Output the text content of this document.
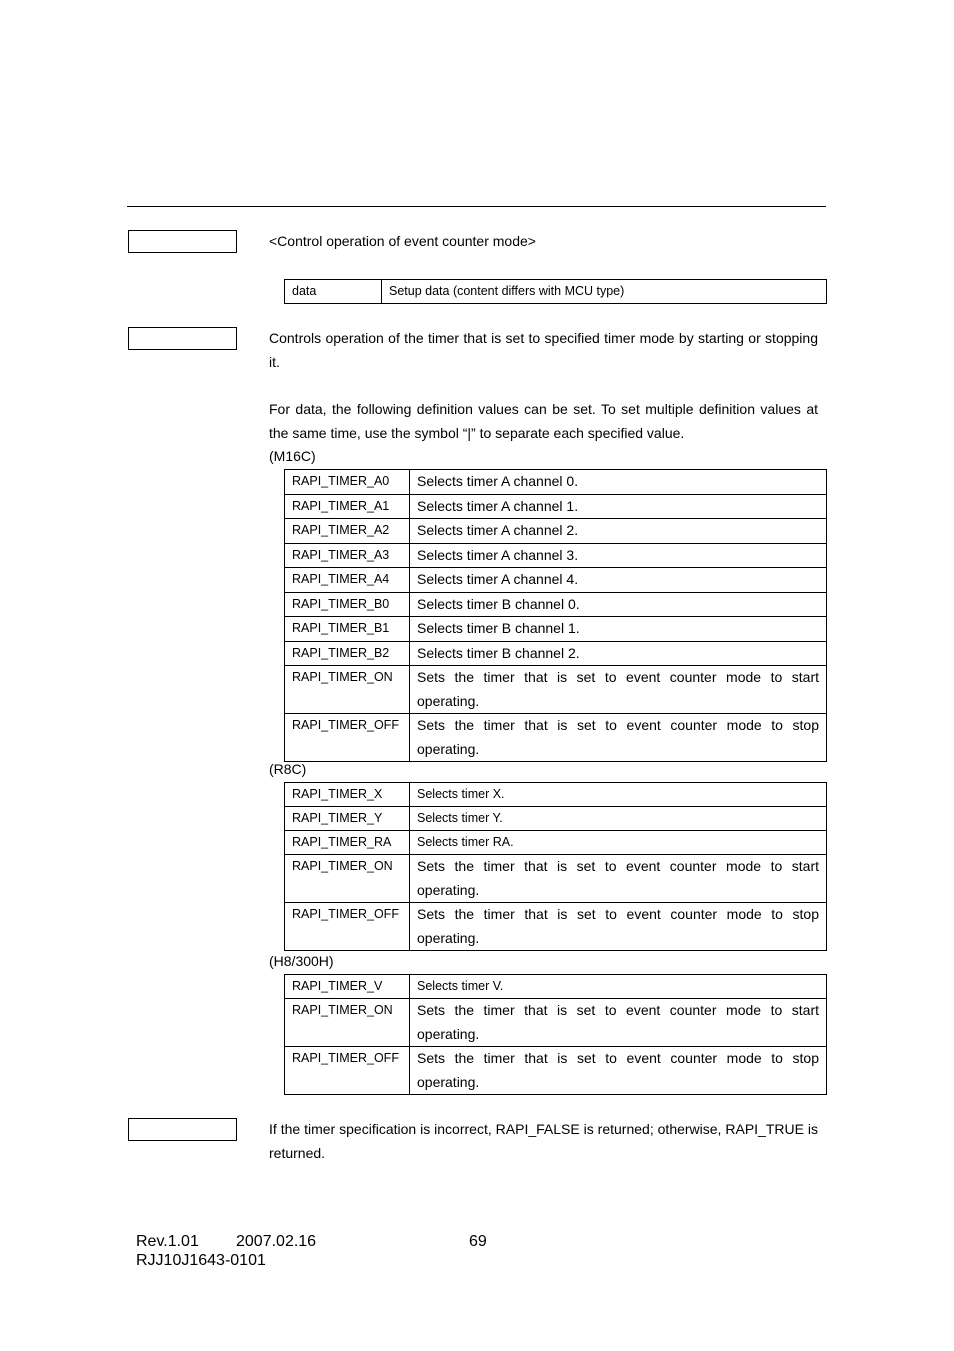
<Control operation of event counter mode>
data	Setup data (content differs with MCU type)
Controls operation of the timer that is set to specified timer mode by starting or stopping it.
For data, the following definition values can be set. To set multiple definition values at the same time, use the symbol “|” to separate each specified value.
(M16C)
RAPI_TIMER_A0	Selects timer A channel 0.
RAPI_TIMER_A1	Selects timer A channel 1.
RAPI_TIMER_A2	Selects timer A channel 2.
RAPI_TIMER_A3	Selects timer A channel 3.
RAPI_TIMER_A4	Selects timer A channel 4.
RAPI_TIMER_B0	Selects timer B channel 0.
RAPI_TIMER_B1	Selects timer B channel 1.
RAPI_TIMER_B2	Selects timer B channel 2.
RAPI_TIMER_ON	Sets the timer that is set to event counter mode to start operating.
RAPI_TIMER_OFF	Sets the timer that is set to event counter mode to stop operating.
(R8C)
RAPI_TIMER_X	Selects timer X.
RAPI_TIMER_Y	Selects timer Y.
RAPI_TIMER_RA	Selects timer RA.
RAPI_TIMER_ON	Sets the timer that is set to event counter mode to start operating.
RAPI_TIMER_OFF	Sets the timer that is set to event counter mode to stop operating.
(H8/300H)
RAPI_TIMER_V	Selects timer V.
RAPI_TIMER_ON	Sets the timer that is set to event counter mode to start operating.
RAPI_TIMER_OFF	Sets the timer that is set to event counter mode to stop operating.
If the timer specification is incorrect, RAPI_FALSE is returned; otherwise, RAPI_TRUE is returned.
Rev.1.01 2007.02.16	69
RJJ10J1643-0101
